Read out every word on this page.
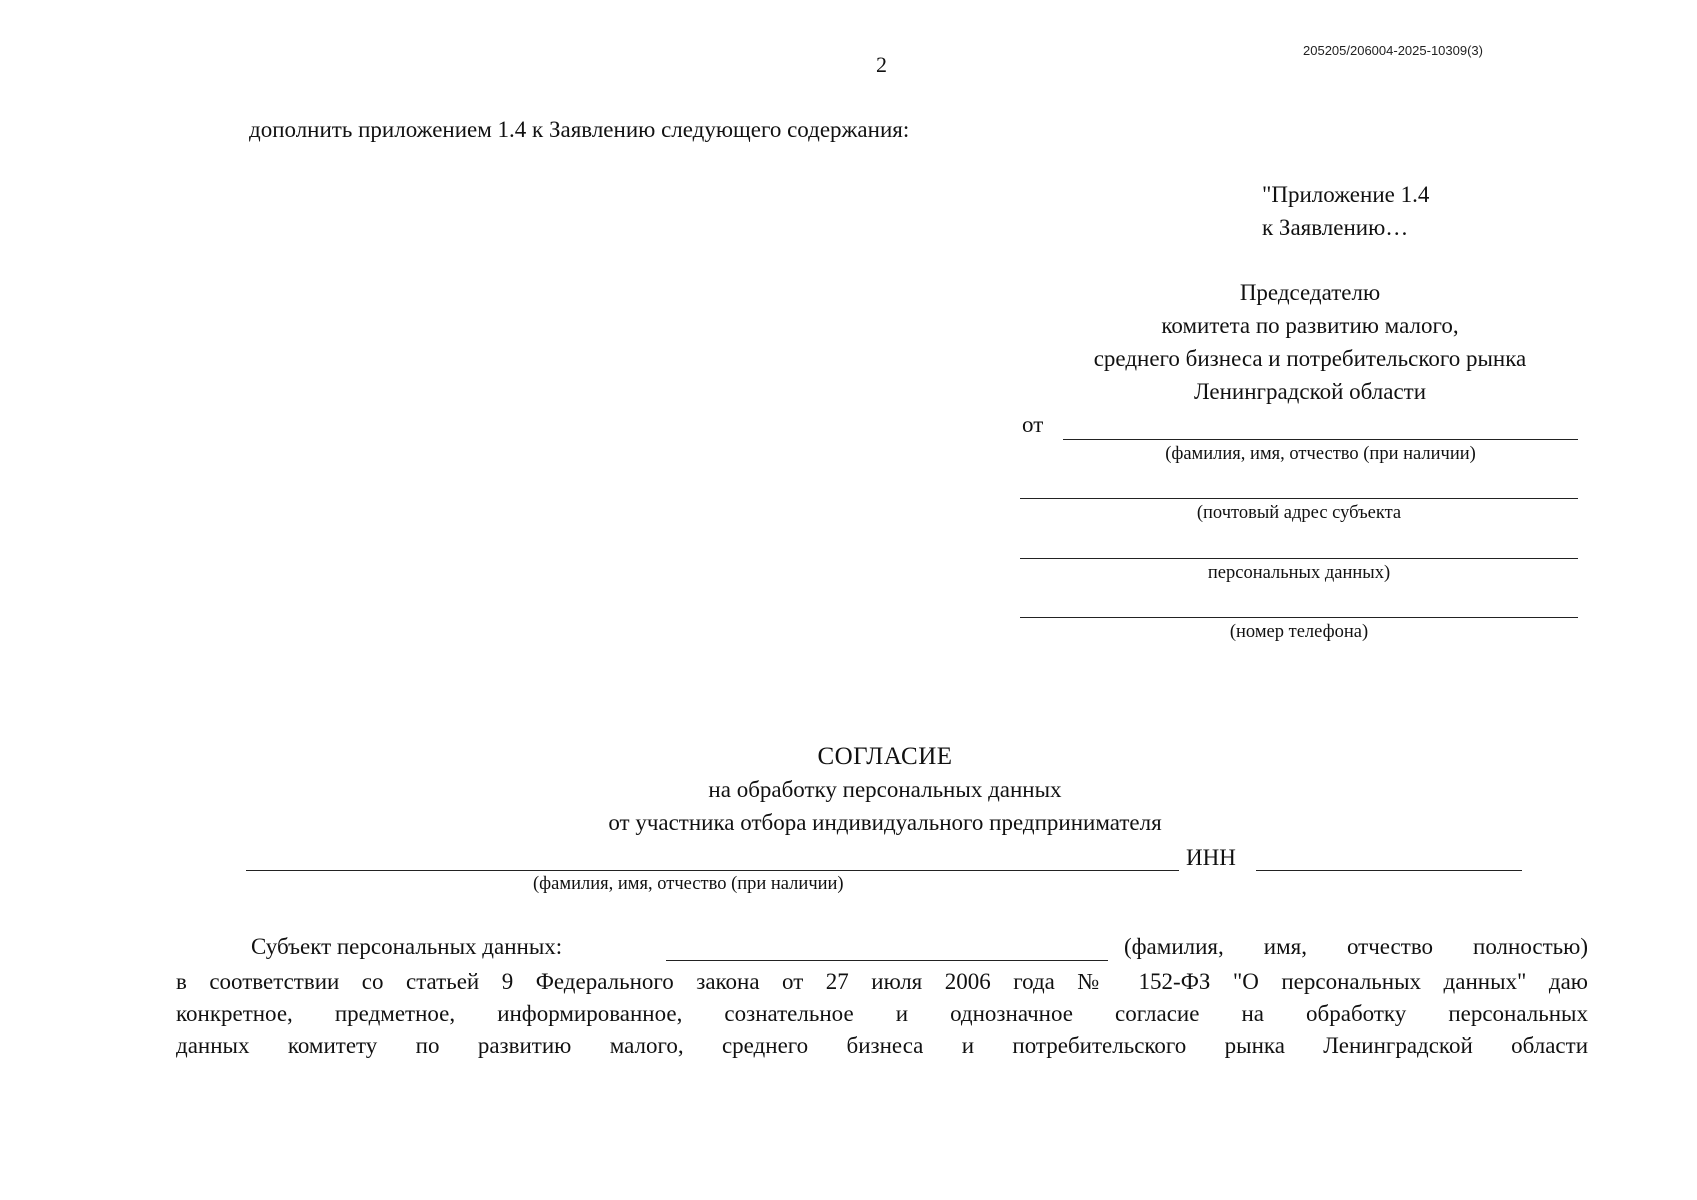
205205/206004-2025-10309(3)
2
дополнить приложением 1.4 к Заявлению следующего содержания:
"Приложение 1.4
к Заявлению…
Председателю
комитета по развитию малого,
среднего бизнеса и потребительского рынка
Ленинградской области
от
(фамилия, имя, отчество (при наличии)
(почтовый адрес субъекта
персональных данных)
(номер телефона)
СОГЛАСИЕ
на обработку персональных данных
от участника отбора индивидуального предпринимателя
ИНН
(фамилия, имя, отчество (при наличии)
Субъект персональных данных:	(фамилия, имя, отчество полностью)
в соответствии со статьей 9 Федерального закона от 27 июля 2006 года № 152-ФЗ "О персональных данных" даю
конкретное, предметное, информированное, сознательное и однозначное согласие на обработку персональных
данных комитету по развитию малого, среднего бизнеса и потребительского рынка Ленинградской области
